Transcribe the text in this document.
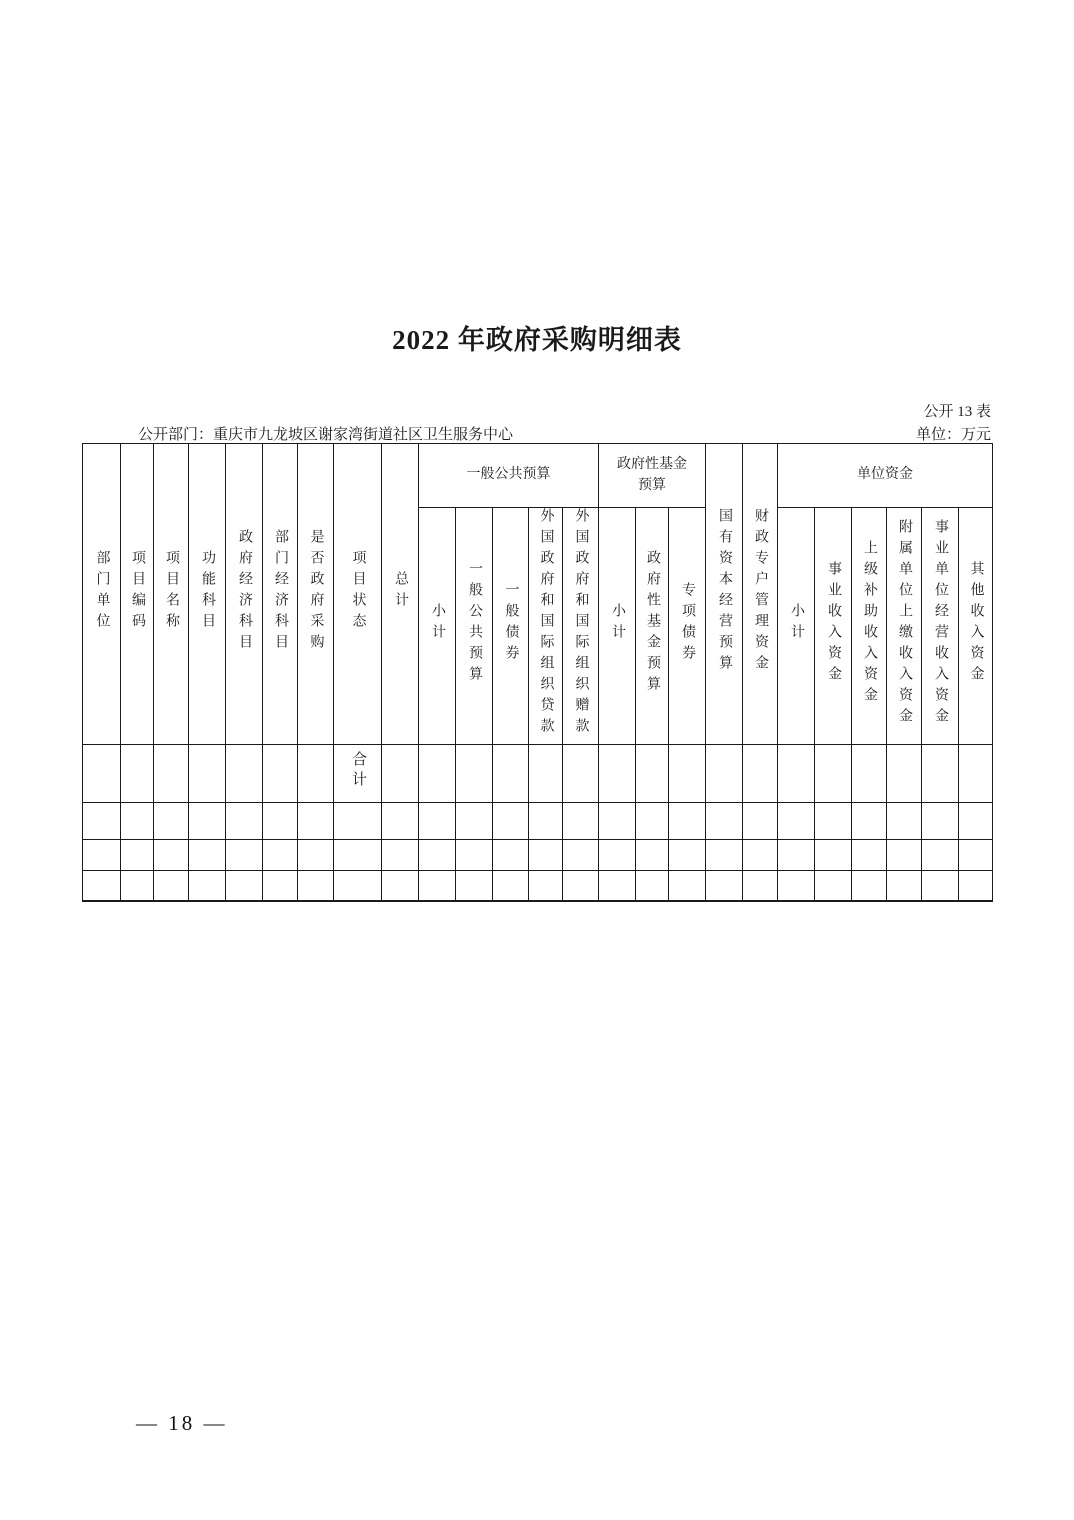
2022 年政府采购明细表
公开 13 表
公开部门：重庆市九龙坡区谢家湾街道社区卫生服务中心	单位：万元
部门单位	项目编码	项目名称	功能科目	政府经济科目	部门经济科目	是否政府采购	项目状态	总计	一般公共预算					政府性基金预算			国有资本经营预算	财政专户管理资金	单位资金					
									小计	一般公共预算	一般债券	外国政府和国际组织贷款	外国政府和国际组织赠款	小计	政府性基金预算	专项债券			小计	事业收入资金	上级补助收入资金	附属单位上缴收入资金	事业单位经营收入资金	其他收入资金
							合计																	

— 18 —
